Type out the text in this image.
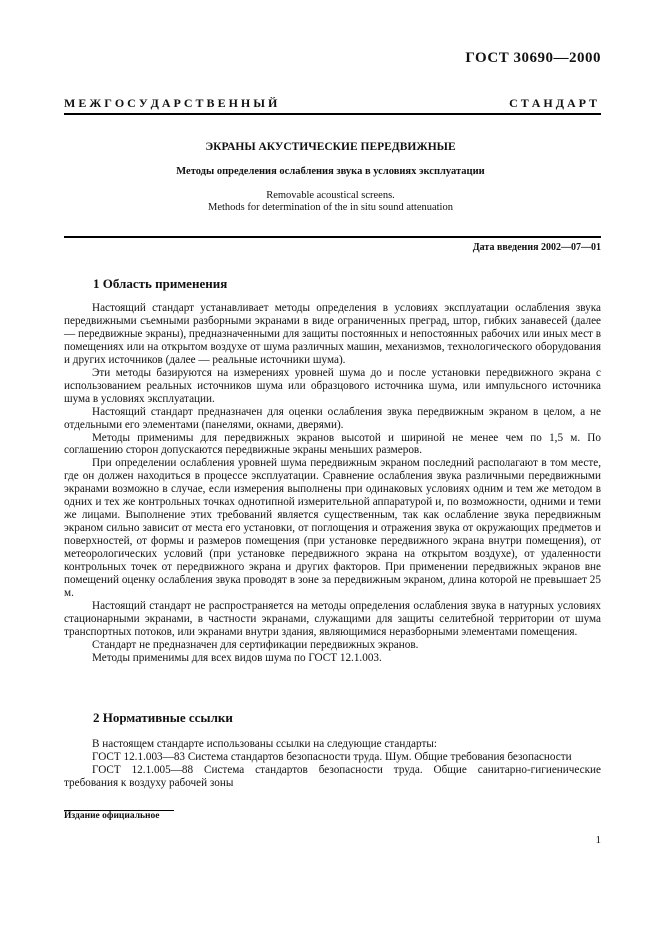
ГОСТ 30690—2000
М Е Ж Г О С У Д А Р С Т В Е Н Н Ы Й	С Т А Н Д А Р Т
ЭКРАНЫ АКУСТИЧЕСКИЕ ПЕРЕДВИЖНЫЕ
Методы определения ослабления звука в условиях эксплуатации
Removable acoustical screens.
Methods for determination of the in situ sound attenuation
Дата введения 2002—07—01
1 Область применения

Настоящий стандарт устанавливает методы определения в условиях эксплуатации ослабления звука передвижными съемными разборными экранами в виде ограниченных преград, штор, гибких занавесей (далее — передвижные экраны), предназначенными для защиты постоянных и непостоянных рабочих или иных мест в помещениях или на открытом воздухе от шума различных машин, механизмов, технологического оборудования и других источников (далее — реальные источники шума).

Эти методы базируются на измерениях уровней шума до и после установки передвижного экрана с использованием реальных источников шума или образцового источника шума, или импульсного источника шума в условиях эксплуатации.

Настоящий стандарт предназначен для оценки ослабления звука передвижным экраном в целом, а не отдельными его элементами (панелями, окнами, дверями).

Методы применимы для передвижных экранов высотой и шириной не менее чем по 1,5 м. По соглашению сторон допускаются передвижные экраны меньших размеров.

При определении ослабления уровней шума передвижным экраном последний располагают в том месте, где он должен находиться в процессе эксплуатации. Сравнение ослабления звука различными передвижными экранами возможно в случае, если измерения выполнены при одинаковых условиях одним и тем же методом в одних и тех же контрольных точках однотипной измерительной аппаратурой и, по возможности, одними и теми же лицами. Выполнение этих требований является существенным, так как ослабление звука передвижным экраном сильно зависит от места его установки, от поглощения и отражения звука от окружающих предметов и поверхностей, от формы и размеров помещения (при установке передвижного экрана внутри помещения), от метеорологических условий (при установке передвижного экрана на открытом воздухе), от удаленности контрольных точек от передвижного экрана и других факторов. При применении передвижных экранов вне помещений оценку ослабления звука проводят в зоне за передвижным экраном, длина которой не превышает 25 м.

Настоящий стандарт не распространяется на методы определения ослабления звука в натурных условиях стационарными экранами, в частности экранами, служащими для защиты селитебной территории от шума транспортных потоков, или экранами внутри здания, являющимися неразборными элементами помещения.

Стандарт не предназначен для сертификации передвижных экранов.

Методы применимы для всех видов шума по ГОСТ 12.1.003.

2 Нормативные ссылки

В настоящем стандарте использованы ссылки на следующие стандарты:

ГОСТ 12.1.003—83 Система стандартов безопасности труда. Шум. Общие требования безопасности

ГОСТ 12.1.005—88 Система стандартов безопасности труда. Общие санитарно-гигиенические требования к воздуху рабочей зоны

Издание официальное
1
